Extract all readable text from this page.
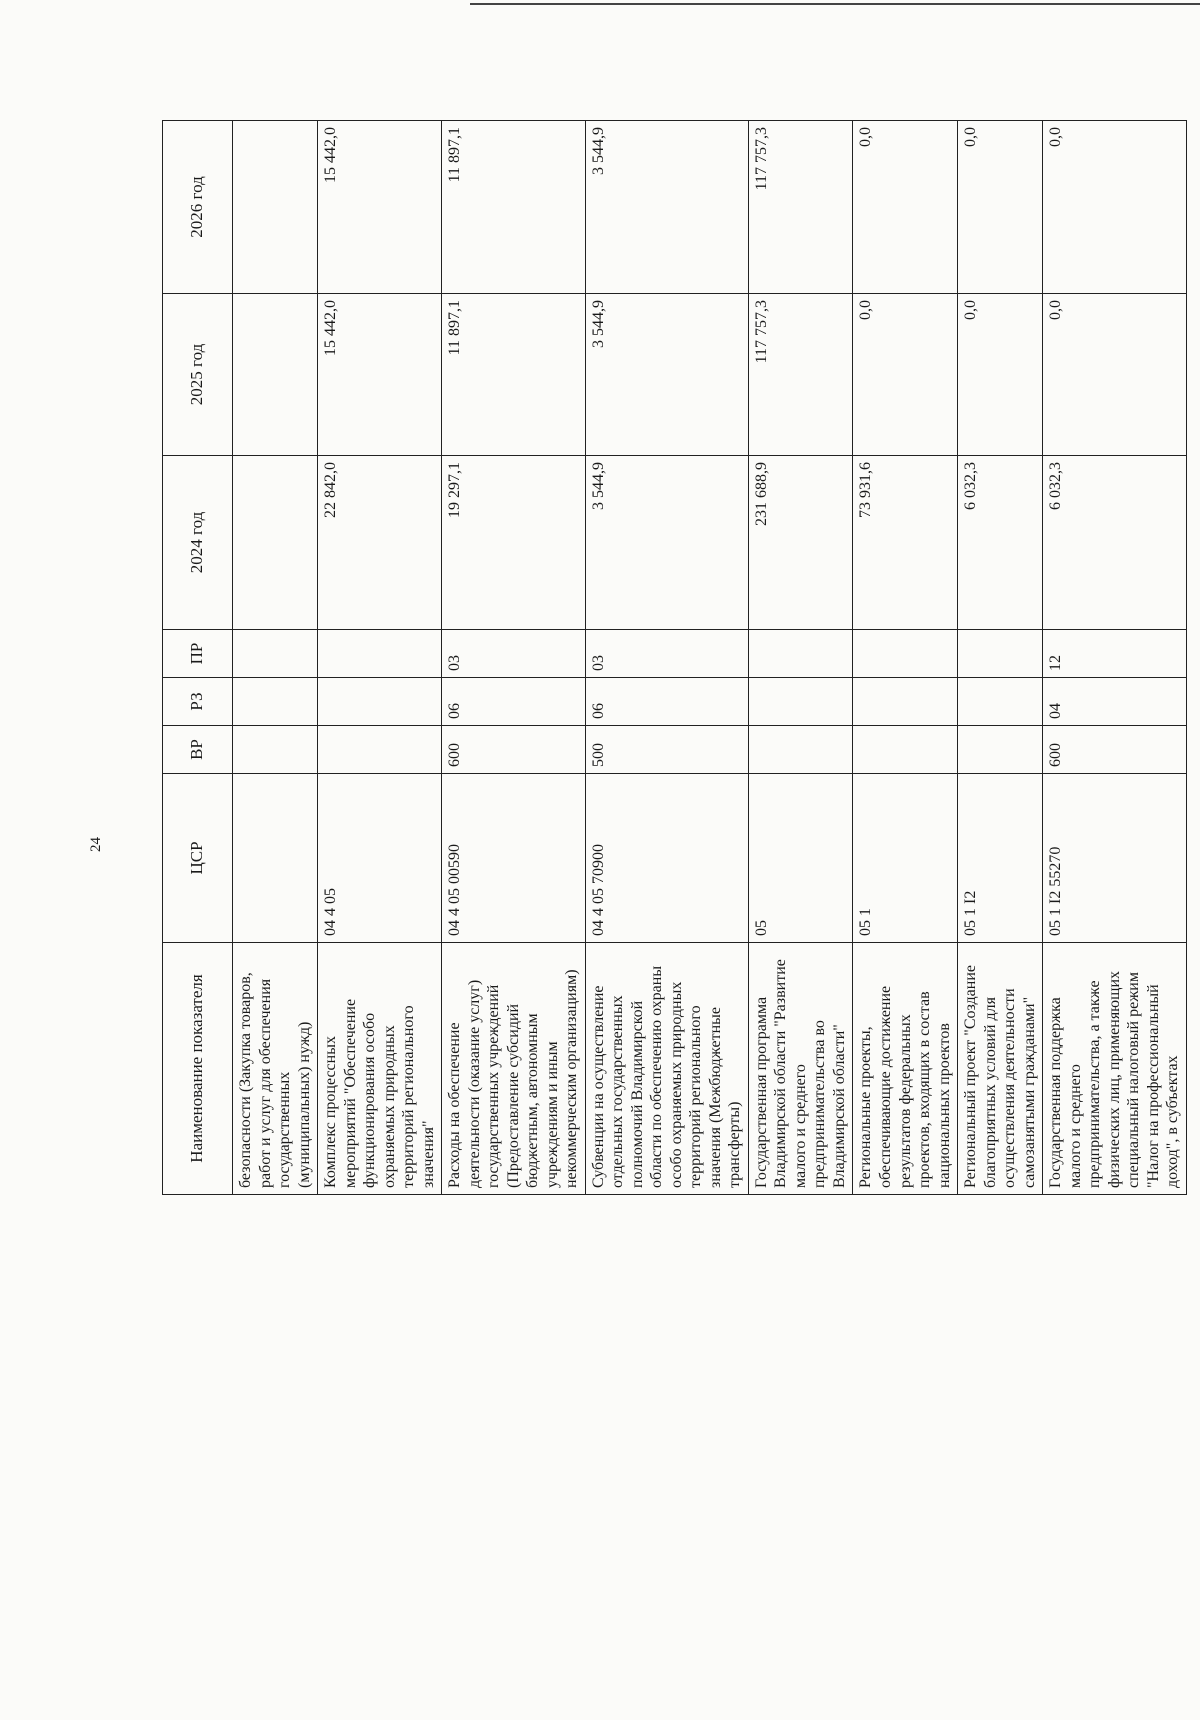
24
Наименование показателя	ЦСР	ВР	РЗ	ПР	2024 год	2025 год	2026 год
безопасности (Закупка товаров, работ и услуг для обеспечения государственных (муниципальных) нужд)							
Комплекс процессных мероприятий "Обеспечение функционирования особо охраняемых природных территорий регионального значения"	04 4 05				22 842,0	15 442,0	15 442,0
Расходы на обеспечение деятельности (оказание услуг) государственных учреждений (Предоставление субсидий бюджетным, автономным учреждениям и иным некоммерческим организациям)	04 4 05 00590	600	06	03	19 297,1	11 897,1	11 897,1
Субвенции на осуществление отдельных государственных полномочий Владимирской области по обеспечению охраны особо охраняемых природных территорий регионального значения (Межбюджетные трансферты)	04 4 05 70900	500	06	03	3 544,9	3 544,9	3 544,9
Государственная программа Владимирской области "Развитие малого и среднего предпринимательства во Владимирской области"	05				231 688,9	117 757,3	117 757,3
Региональные проекты, обеспечивающие достижение результатов федеральных проектов, входящих в состав национальных проектов	05 1				73 931,6	0,0	0,0
Региональный проект "Создание благоприятных условий для осуществления деятельности самозанятыми гражданами"	05 1 I2				6 032,3	0,0	0,0
Государственная поддержка малого и среднего предпринимательства, а также физических лиц, применяющих специальный налоговый режим "Налог на профессиональный доход", в субъектах	05 1 I2 55270	600	04	12	6 032,3	0,0	0,0
